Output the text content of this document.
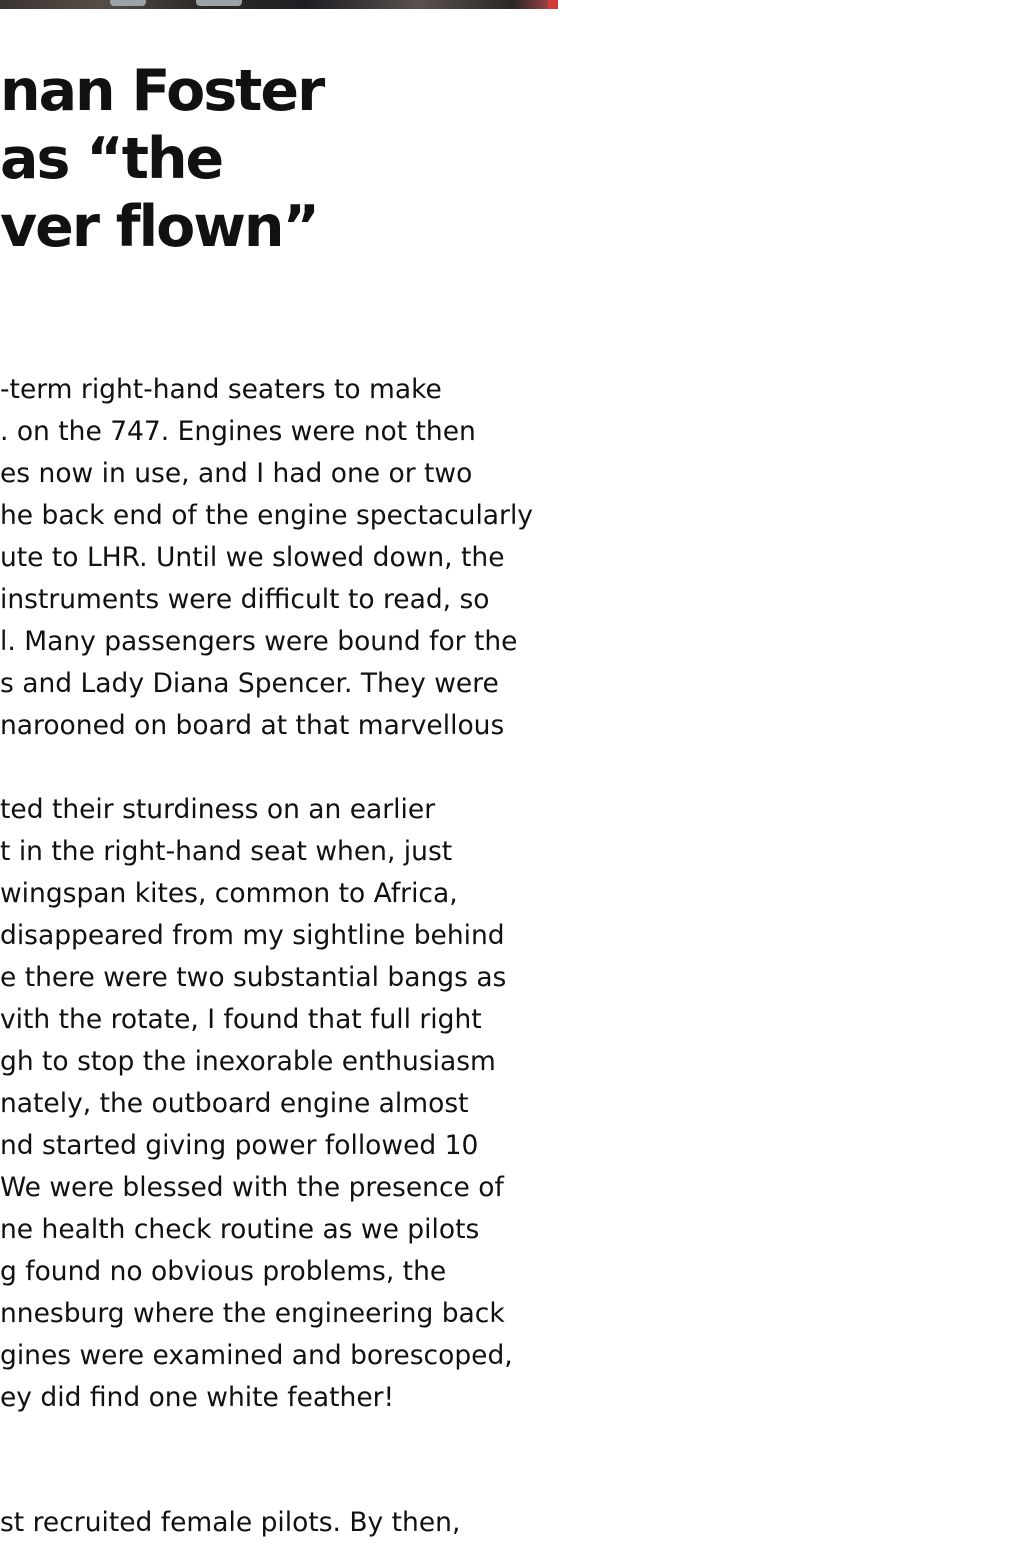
nan Foster
as “the
ver flown”

-term right-hand seaters to make
. on the 747. Engines were not then
es now in use, and I had one or two
he back end of the engine spectacularly
ute to LHR. Until we slowed down, the
instruments were difficult to read, so
l. Many passengers were bound for the
s and Lady Diana Spencer. They were
narooned on board at that marvellous

ted their sturdiness on an earlier
t in the right-hand seat when, just
wingspan kites, common to Africa,
disappeared from my sightline behind
e there were two substantial bangs as
vith the rotate, I found that full right
gh to stop the inexorable enthusiasm
nately, the outboard engine almost
nd started giving power followed 10
We were blessed with the presence of
ne health check routine as we pilots
g found no obvious problems, the
nnesburg where the engineering back
gines were examined and borescoped,
ey did find one white feather!

st recruited female pilots. By then,
